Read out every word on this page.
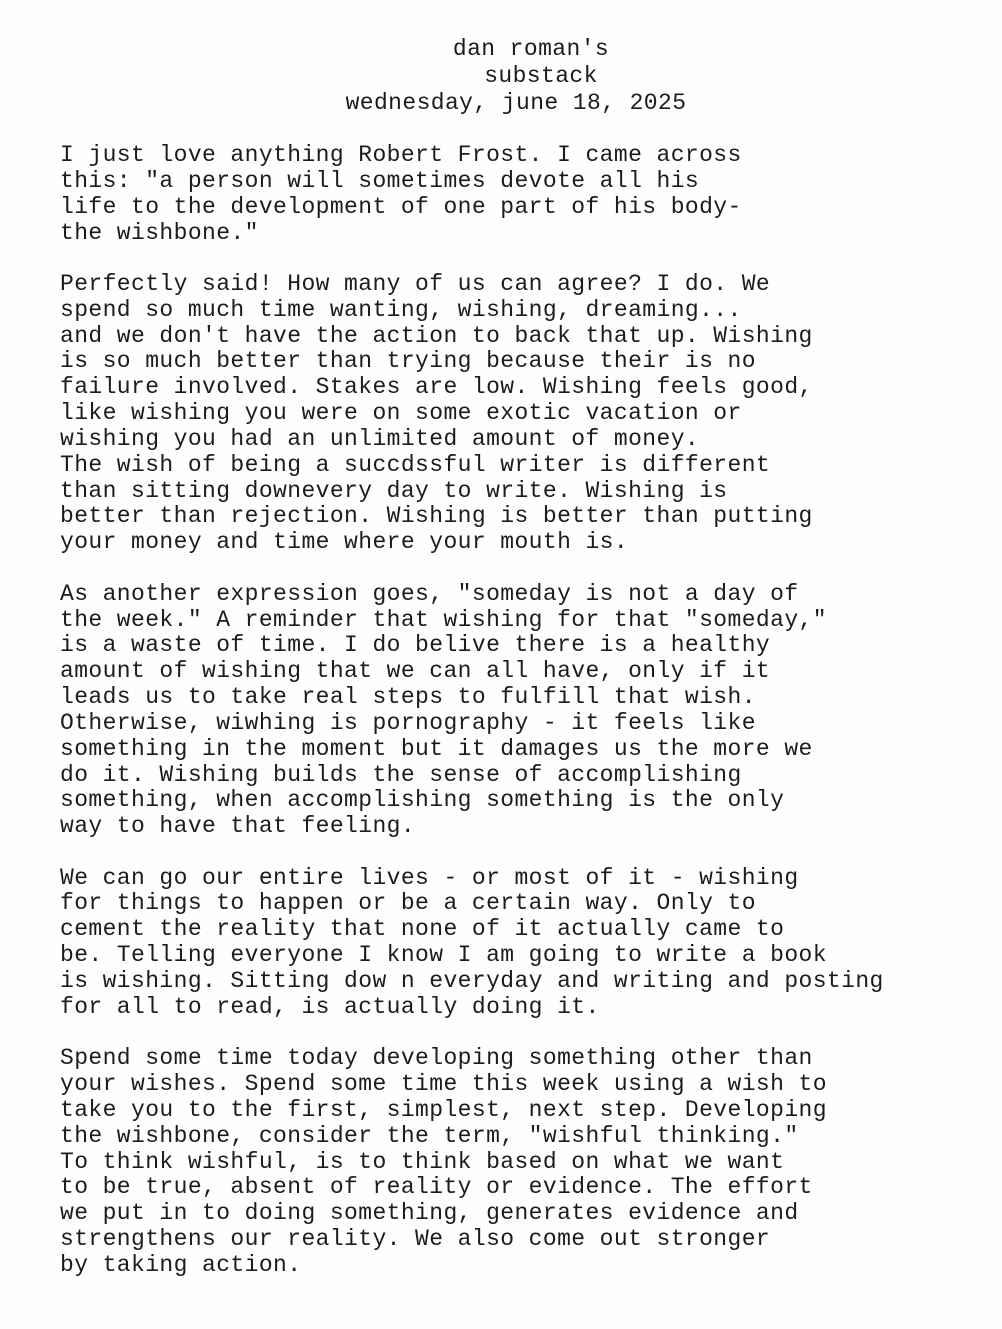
dan roman's
substack
wednesday, june 18, 2025
I just love anything Robert Frost. I came across
this: "a person will sometimes devote all his
life to the development of one part of his body-
the wishbone."
Perfectly said! How many of us can agree? I do. We
spend so much time wanting, wishing, dreaming...
and we don't have the action to back that up. Wishing
is so much better than trying because their is no
failure involved. Stakes are low. Wishing feels good,
like wishing you were on some exotic vacation or
wishing you had an unlimited amount of money.
The wish of being a succdssful writer is different
than sitting downevery day to write. Wishing is
better than rejection. Wishing is better than putting
your money and time where your mouth is.
As another expression goes, "someday is not a day of
the week." A reminder that wishing for that "someday,"
is a waste of time. I do belive there is a healthy
amount of wishing that we can all have, only if it
leads us to take real steps to fulfill that wish.
Otherwise, wiwhing is pornography - it feels like
something in the moment but it damages us the more we
do it. Wishing builds the sense of accomplishing
something, when accomplishing something is the only
way to have that feeling.
We can go our entire lives - or most of it - wishing
for things to happen or be a certain way. Only to
cement the reality that none of it actually came to
be. Telling everyone I know I am going to write a book
is wishing. Sitting dow n everyday and writing and posting
for all to read, is actually doing it.
Spend some time today developing something other than
your wishes. Spend some time this week using a wish to
take you to the first, simplest, next step. Developing
the wishbone, consider the term, "wishful thinking."
To think wishful, is to think based on what we want
to be true, absent of reality or evidence. The effort
we put in to doing something, generates evidence and
strengthens our reality. We also come out stronger
by taking action.
